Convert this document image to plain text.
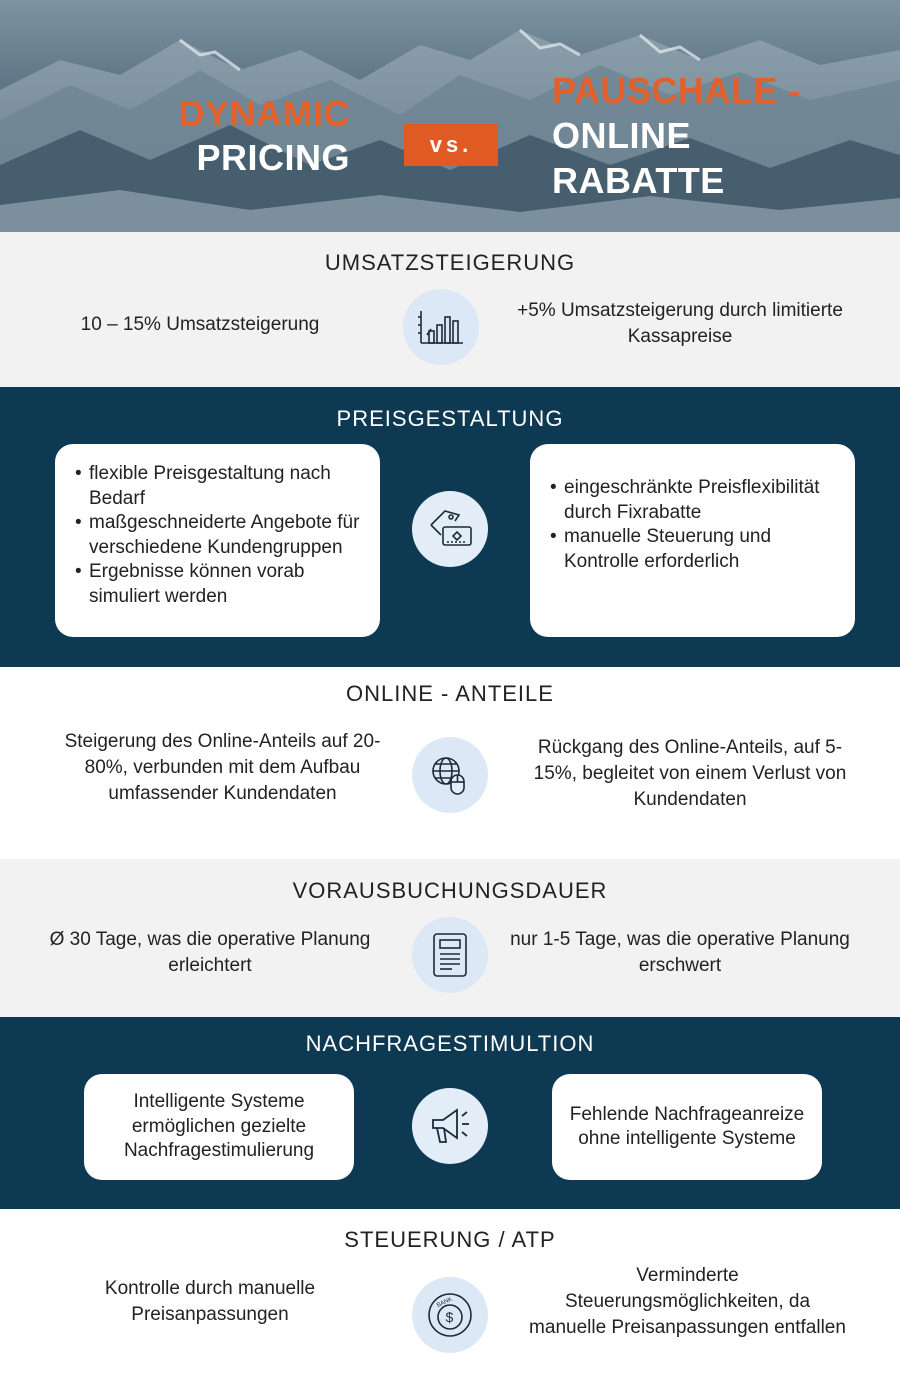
DYNAMIC
PRICING	vs.
PAUSCHALE -
ONLINE
RABATTE
UMSATZSTEIGERUNG
10 – 15% Umsatzsteigerung
+5% Umsatzsteigerung durch limitierte Kassapreise
PREISGESTALTUNG
• flexible Preisgestaltung nach Bedarf
• maßgeschneiderte Angebote für verschiedene Kundengruppen
• Ergebnisse können vorab simuliert werden
• eingeschränkte Preisflexibilität durch Fixrabatte
• manuelle Steuerung und Kontrolle erforderlich
ONLINE - ANTEILE
Steigerung des Online-Anteils auf 20-80%, verbunden mit dem Aufbau umfassender Kundendaten
Rückgang des Online-Anteils, auf 5-15%, begleitet von einem Verlust von Kundendaten
VORAUSBUCHUNGSDAUER
Ø 30 Tage, was die operative Planung erleichtert
nur 1-5 Tage, was die operative Planung erschwert
NACHFRAGESTIMULTION
Intelligente Systeme ermöglichen gezielte Nachfragestimulierung
Fehlende Nachfrageanreize ohne intelligente Systeme
STEUERUNG / ATP
Kontrolle durch manuelle Preisanpassungen
BANK
$
Verminderte Steuerungsmöglichkeiten, da manuelle Preisanpassungen entfallen
